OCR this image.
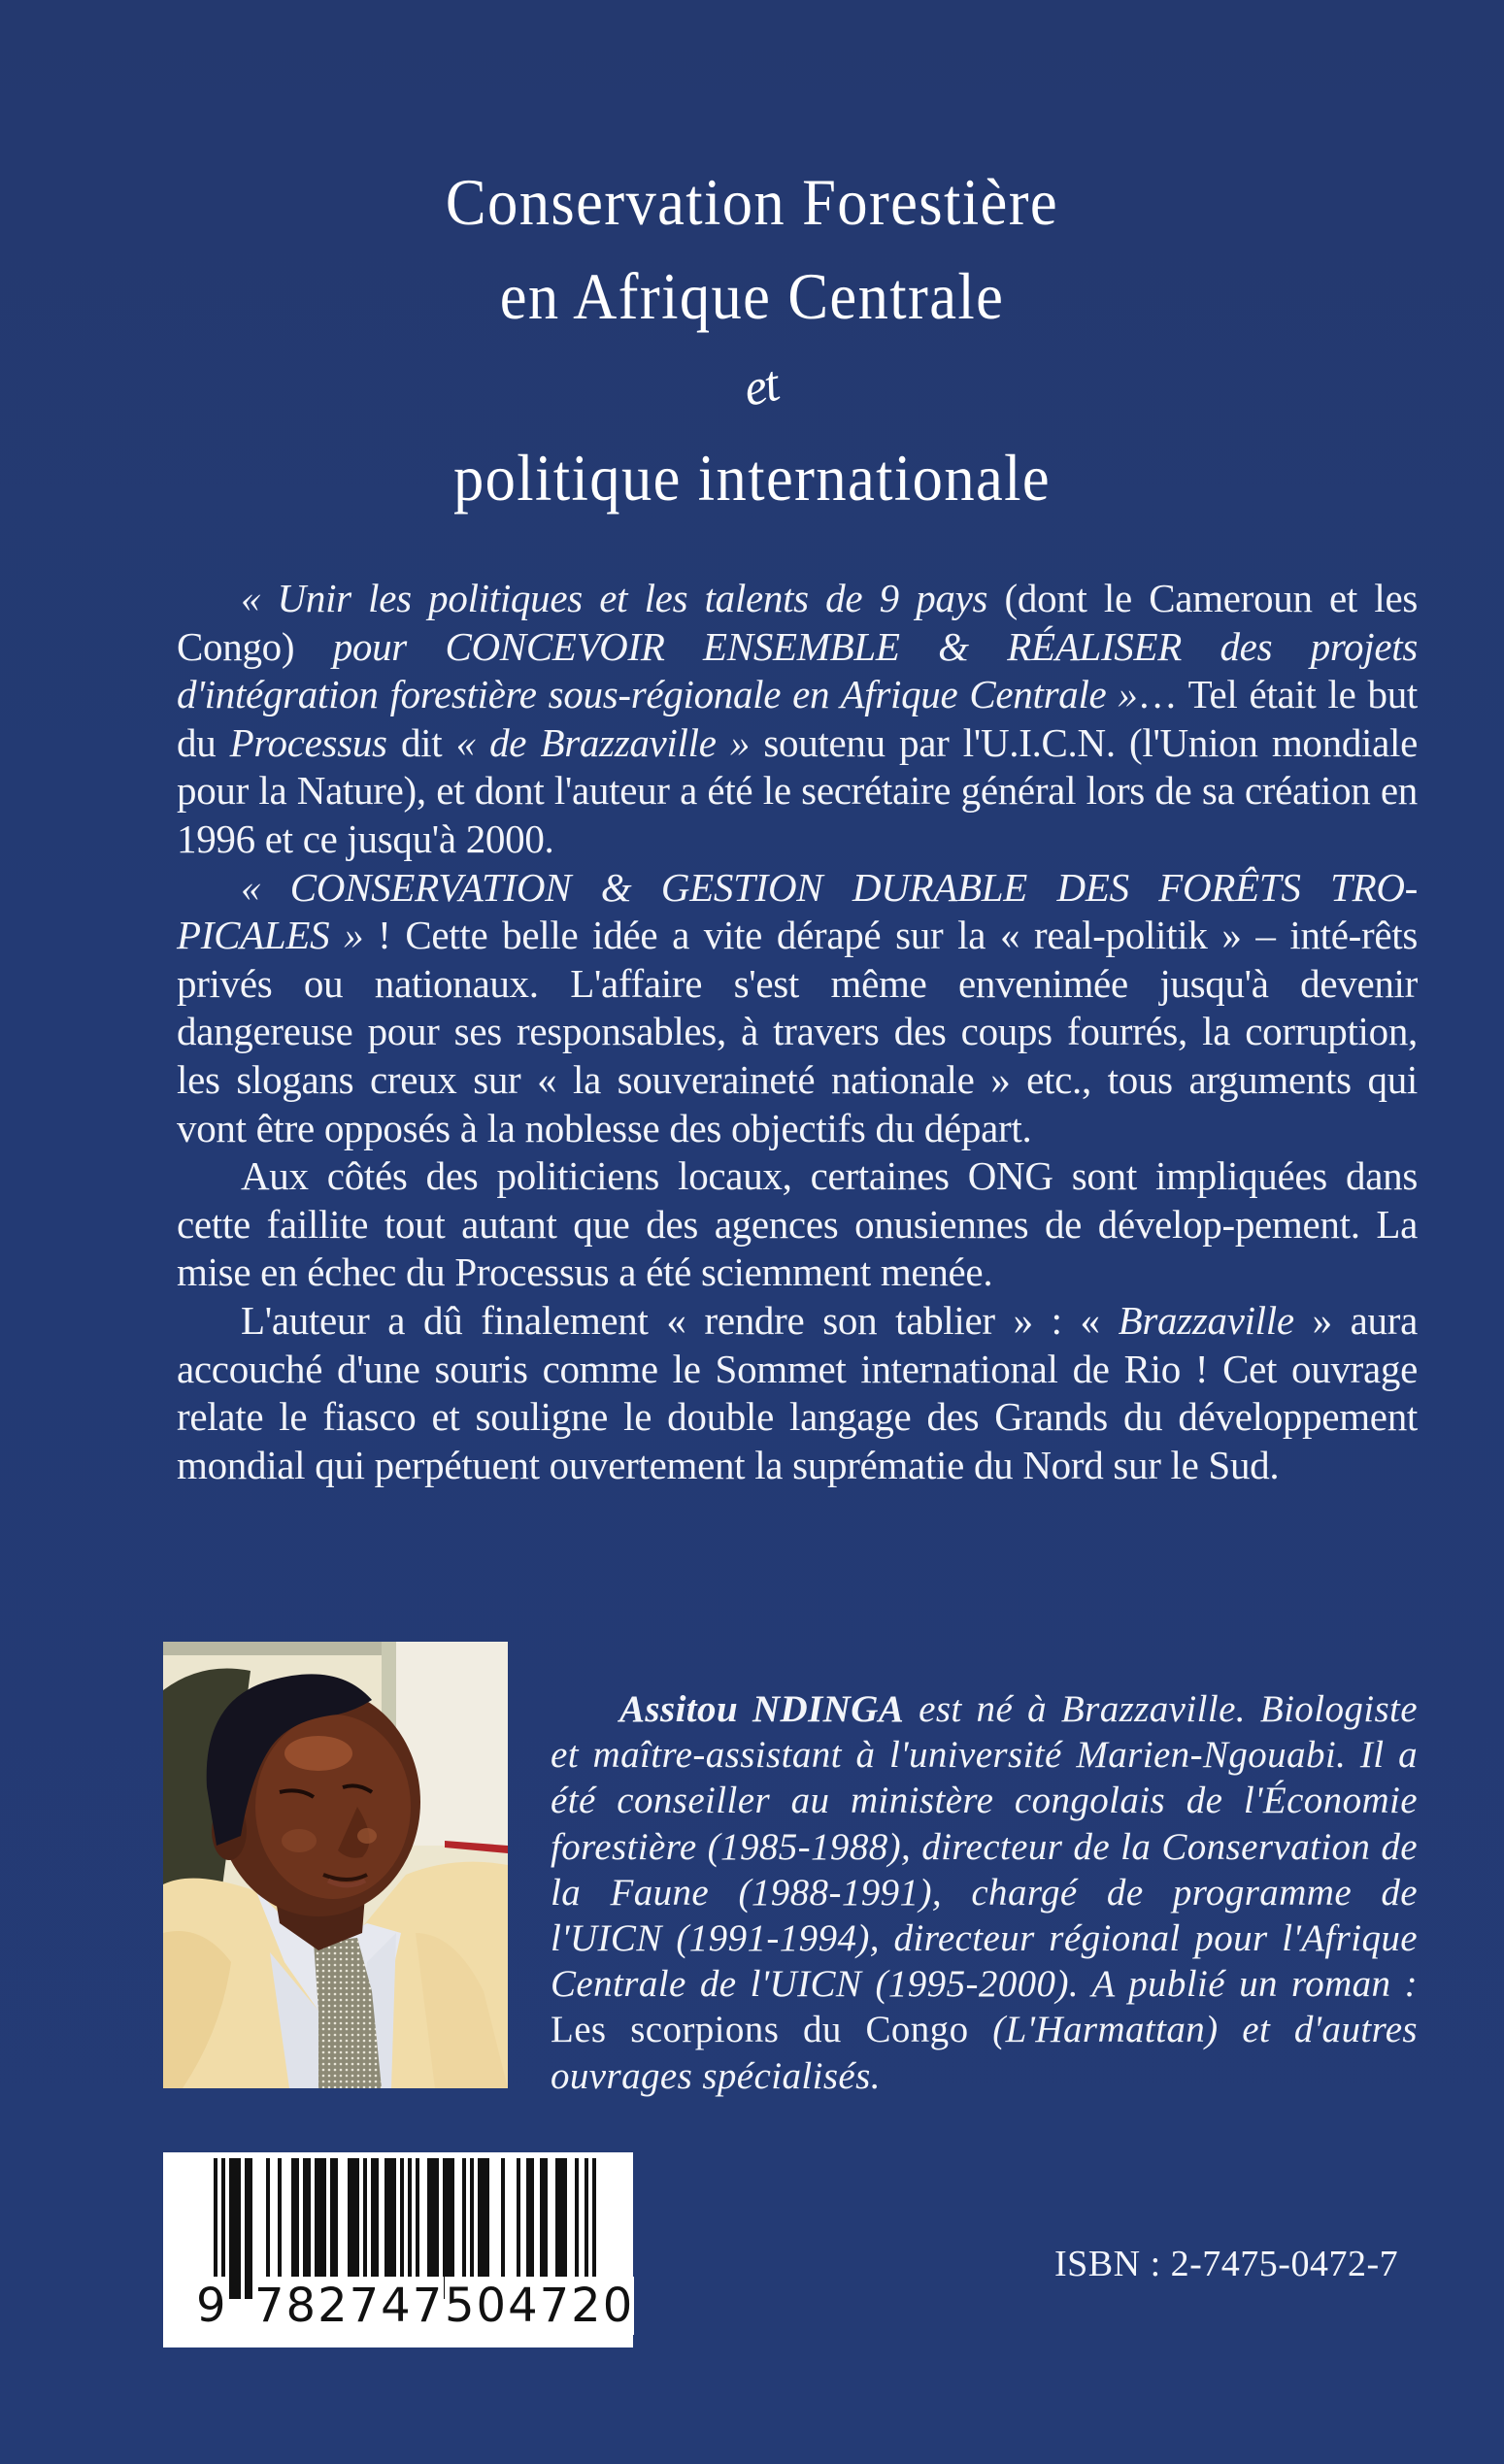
Conservation Forestière
en Afrique Centrale
et
politique internationale

« Unir les politiques et les talents de 9 pays (dont le Cameroun et les Congo) pour CONCEVOIR ENSEMBLE & RÉALISER des projets d'intégration forestière sous-régionale en Afrique Centrale »… Tel était le but du Processus dit « de Brazzaville » soutenu par l'U.I.C.N. (l'Union mondiale pour la Nature), et dont l'auteur a été le secrétaire général lors de sa création en 1996 et ce jusqu'à 2000.

« CONSERVATION & GESTION DURABLE DES FORÊTS TRO-PICALES » ! Cette belle idée a vite dérapé sur la « real-politik » – inté-rêts privés ou nationaux. L'affaire s'est même envenimée jusqu'à devenir dangereuse pour ses responsables, à travers des coups fourrés, la corruption, les slogans creux sur « la souveraineté nationale » etc., tous arguments qui vont être opposés à la noblesse des objectifs du départ.

Aux côtés des politiciens locaux, certaines ONG sont impliquées dans cette faillite tout autant que des agences onusiennes de dévelop-pement. La mise en échec du Processus a été sciemment menée.

L'auteur a dû finalement « rendre son tablier » : « Brazzaville » aura accouché d'une souris comme le Sommet international de Rio ! Cet ouvrage relate le fiasco et souligne le double langage des Grands du développement mondial qui perpétuent ouvertement la suprématie du Nord sur le Sud.

Assitou NDINGA est né à Brazzaville. Biologiste et maître-assistant à l'université Marien-Ngouabi. Il a été conseiller au ministère congolais de l'Économie forestière (1985-1988), directeur de la Conservation de la Faune (1988-1991), chargé de programme de l'UICN (1991-1994), directeur régional pour l'Afrique Centrale de l'UICN (1995-2000). A publié un roman : Les scorpions du Congo (L'Harmattan) et d'autres ouvrages spécialisés.

9 782747 504720
ISBN : 2-7475-0472-7
